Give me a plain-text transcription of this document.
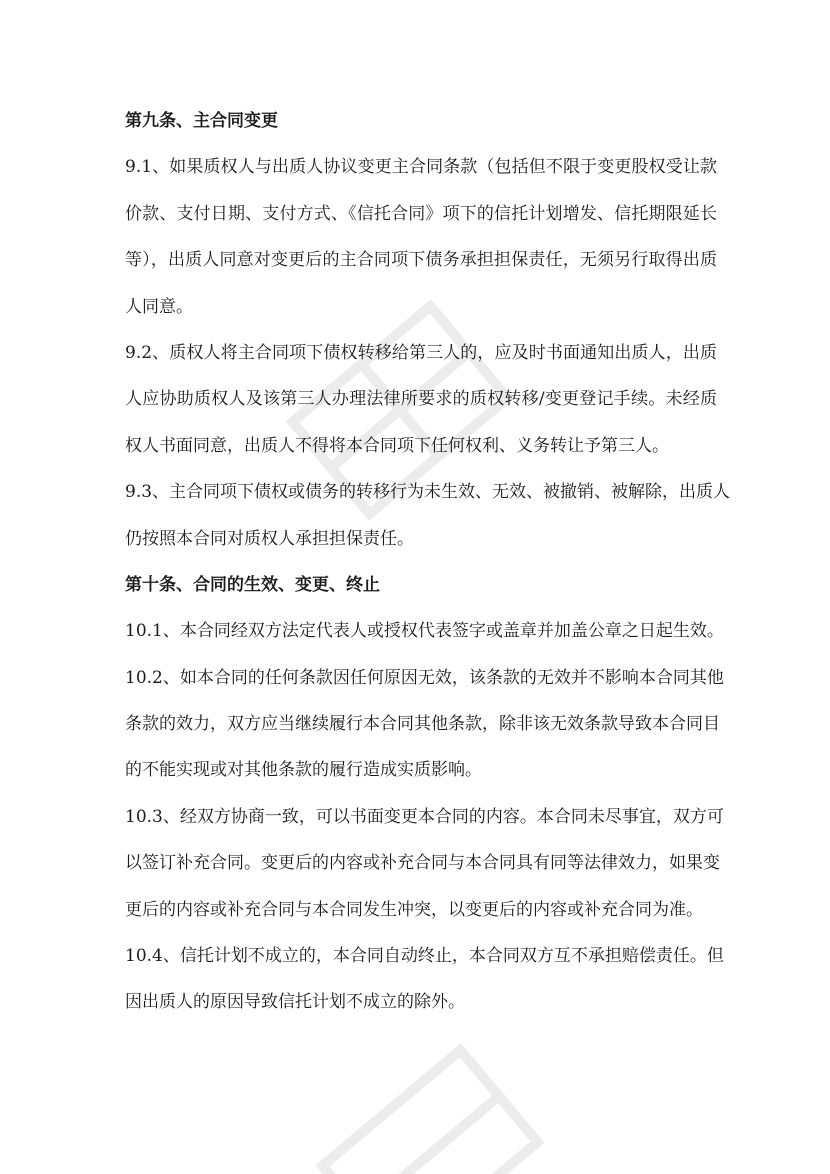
第九条、主合同变更
9.1、如果质权人与出质人协议变更主合同条款（包括但不限于变更股权受让款
价款、支付日期、支付方式、《信托合同》项下的信托计划增发、信托期限延长
等），出质人同意对变更后的主合同项下债务承担担保责任，无须另行取得出质
人同意。
9.2、质权人将主合同项下债权转移给第三人的，应及时书面通知出质人，出质
人应协助质权人及该第三人办理法律所要求的质权转移/变更登记手续。未经质
权人书面同意，出质人不得将本合同项下任何权利、义务转让予第三人。
9.3、主合同项下债权或债务的转移行为未生效、无效、被撤销、被解除，出质人
仍按照本合同对质权人承担担保责任。
第十条、合同的生效、变更、终止
10.1、本合同经双方法定代表人或授权代表签字或盖章并加盖公章之日起生效。
10.2、如本合同的任何条款因任何原因无效，该条款的无效并不影响本合同其他
条款的效力，双方应当继续履行本合同其他条款，除非该无效条款导致本合同目
的不能实现或对其他条款的履行造成实质影响。
10.3、经双方协商一致，可以书面变更本合同的内容。本合同未尽事宜，双方可
以签订补充合同。变更后的内容或补充合同与本合同具有同等法律效力，如果变
更后的内容或补充合同与本合同发生冲突，以变更后的内容或补充合同为准。
10.4、信托计划不成立的，本合同自动终止，本合同双方互不承担赔偿责任。但
因出质人的原因导致信托计划不成立的除外。
